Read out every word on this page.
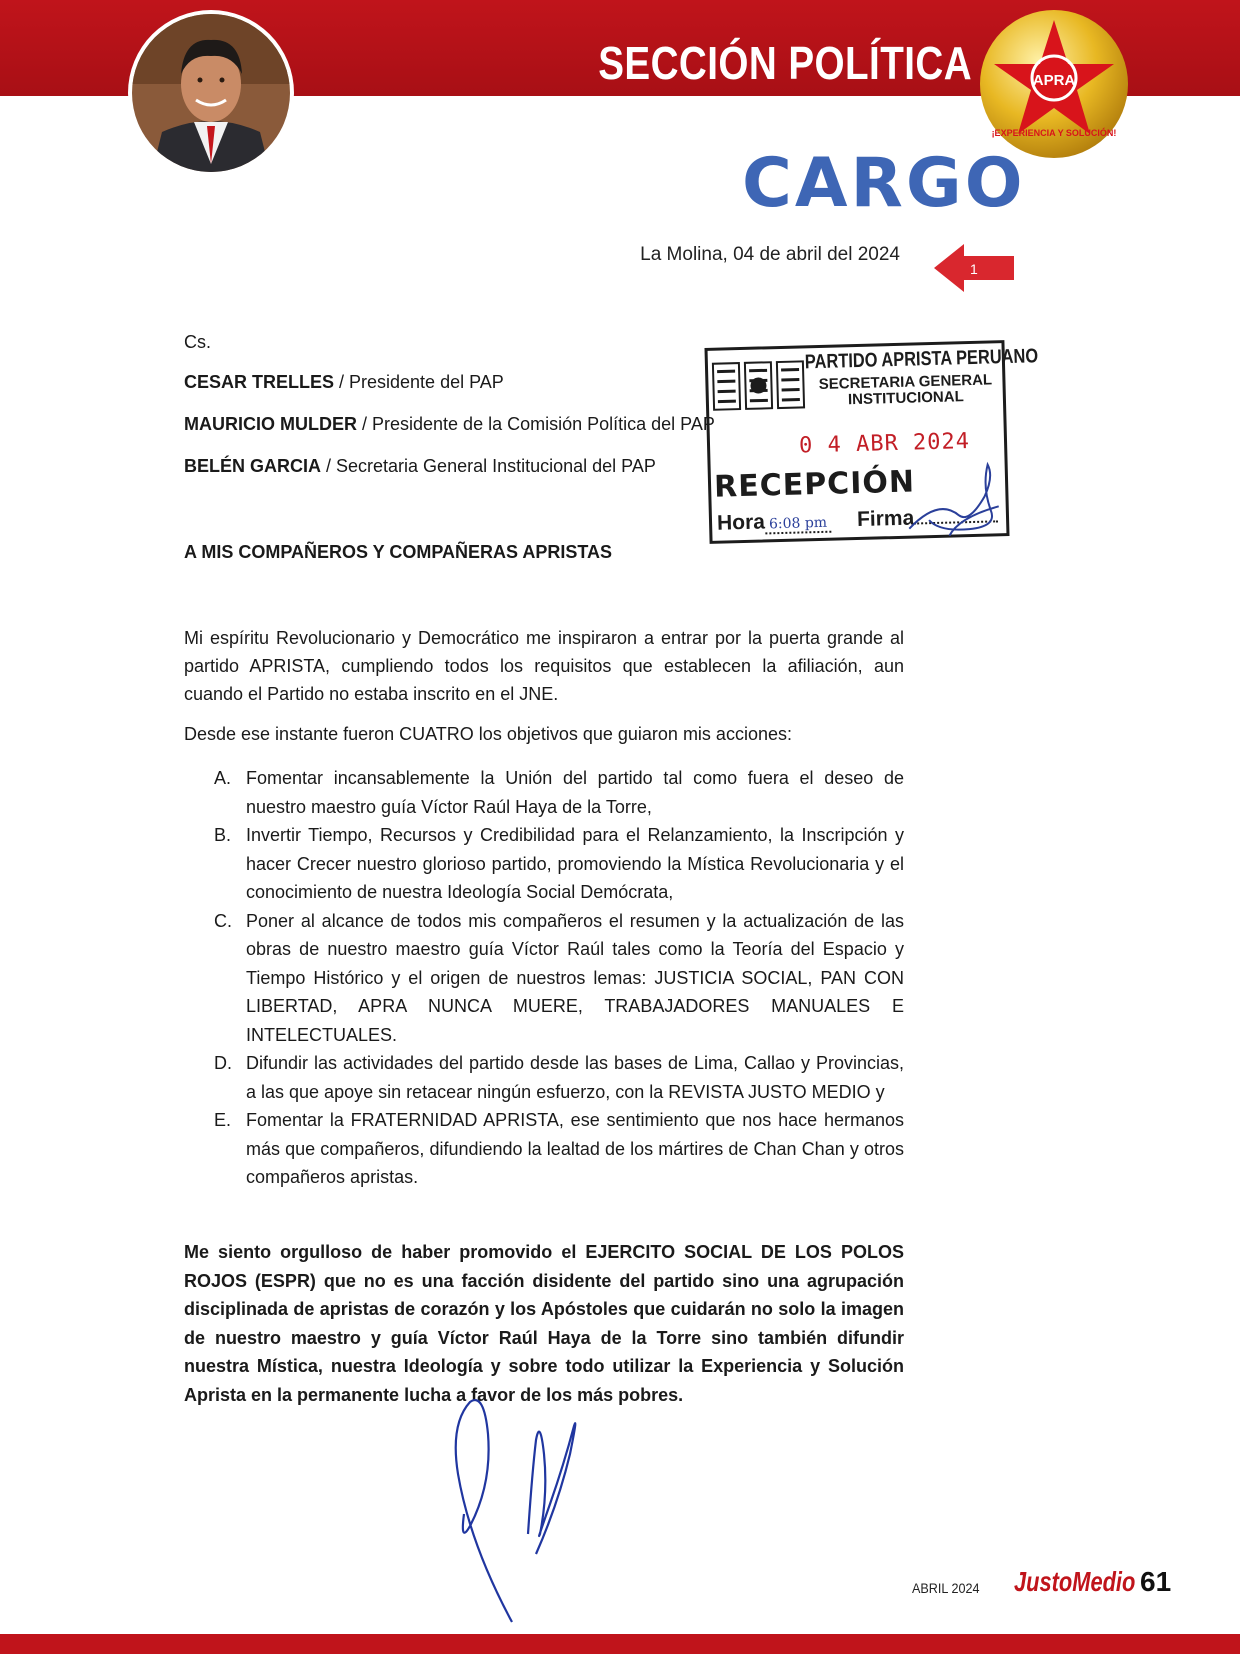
SECCIÓN POLÍTICA	APRA
¡EXPERIENCIA Y SOLUCIÓN!
CARGO
La Molina, 04 de abril del 2024
1
Cs.
CESAR TRELLES / Presidente del PAP
MAURICIO MULDER / Presidente de la Comisión Política del PAP
BELÉN GARCIA / Secretaria General Institucional del PAP
PARTIDO APRISTA PERUANO
SECRETARIA GENERAL
INSTITUCIONAL
0 4 ABR 2024
RECEPCIÓN
Hora 6:08 pm Firma
A MIS COMPAÑEROS Y COMPAÑERAS APRISTAS
Mi espíritu Revolucionario y Democrático me inspiraron a entrar por la puerta grande al partido APRISTA, cumpliendo todos los requisitos que establecen la afiliación, aun cuando el Partido no estaba inscrito en el JNE.
Desde ese instante fueron CUATRO los objetivos que guiaron mis acciones:
A. Fomentar incansablemente la Unión del partido tal como fuera el deseo de nuestro maestro guía Víctor Raúl Haya de la Torre,
B. Invertir Tiempo, Recursos y Credibilidad para el Relanzamiento, la Inscripción y hacer Crecer nuestro glorioso partido, promoviendo la Mística Revolucionaria y el conocimiento de nuestra Ideología Social Demócrata,
C. Poner al alcance de todos mis compañeros el resumen y la actualización de las obras de nuestro maestro guía Víctor Raúl tales como la Teoría del Espacio y Tiempo Histórico y el origen de nuestros lemas: JUSTICIA SOCIAL, PAN CON LIBERTAD, APRA NUNCA MUERE, TRABAJADORES MANUALES E INTELECTUALES.
D. Difundir las actividades del partido desde las bases de Lima, Callao y Provincias, a las que apoye sin retacear ningún esfuerzo, con la REVISTA JUSTO MEDIO y
E. Fomentar la FRATERNIDAD APRISTA, ese sentimiento que nos hace hermanos más que compañeros, difundiendo la lealtad de los mártires de Chan Chan y otros compañeros apristas.
Me siento orgulloso de haber promovido el EJERCITO SOCIAL DE LOS POLOS ROJOS (ESPR) que no es una facción disidente del partido sino una agrupación disciplinada de apristas de corazón y los Apóstoles que cuidarán no solo la imagen de nuestro maestro y guía Víctor Raúl Haya de la Torre sino también difundir nuestra Mística, nuestra Ideología y sobre todo utilizar la Experiencia y Solución Aprista en la permanente lucha a favor de los más pobres.
ABRIL 2024 JustoMedio 61
